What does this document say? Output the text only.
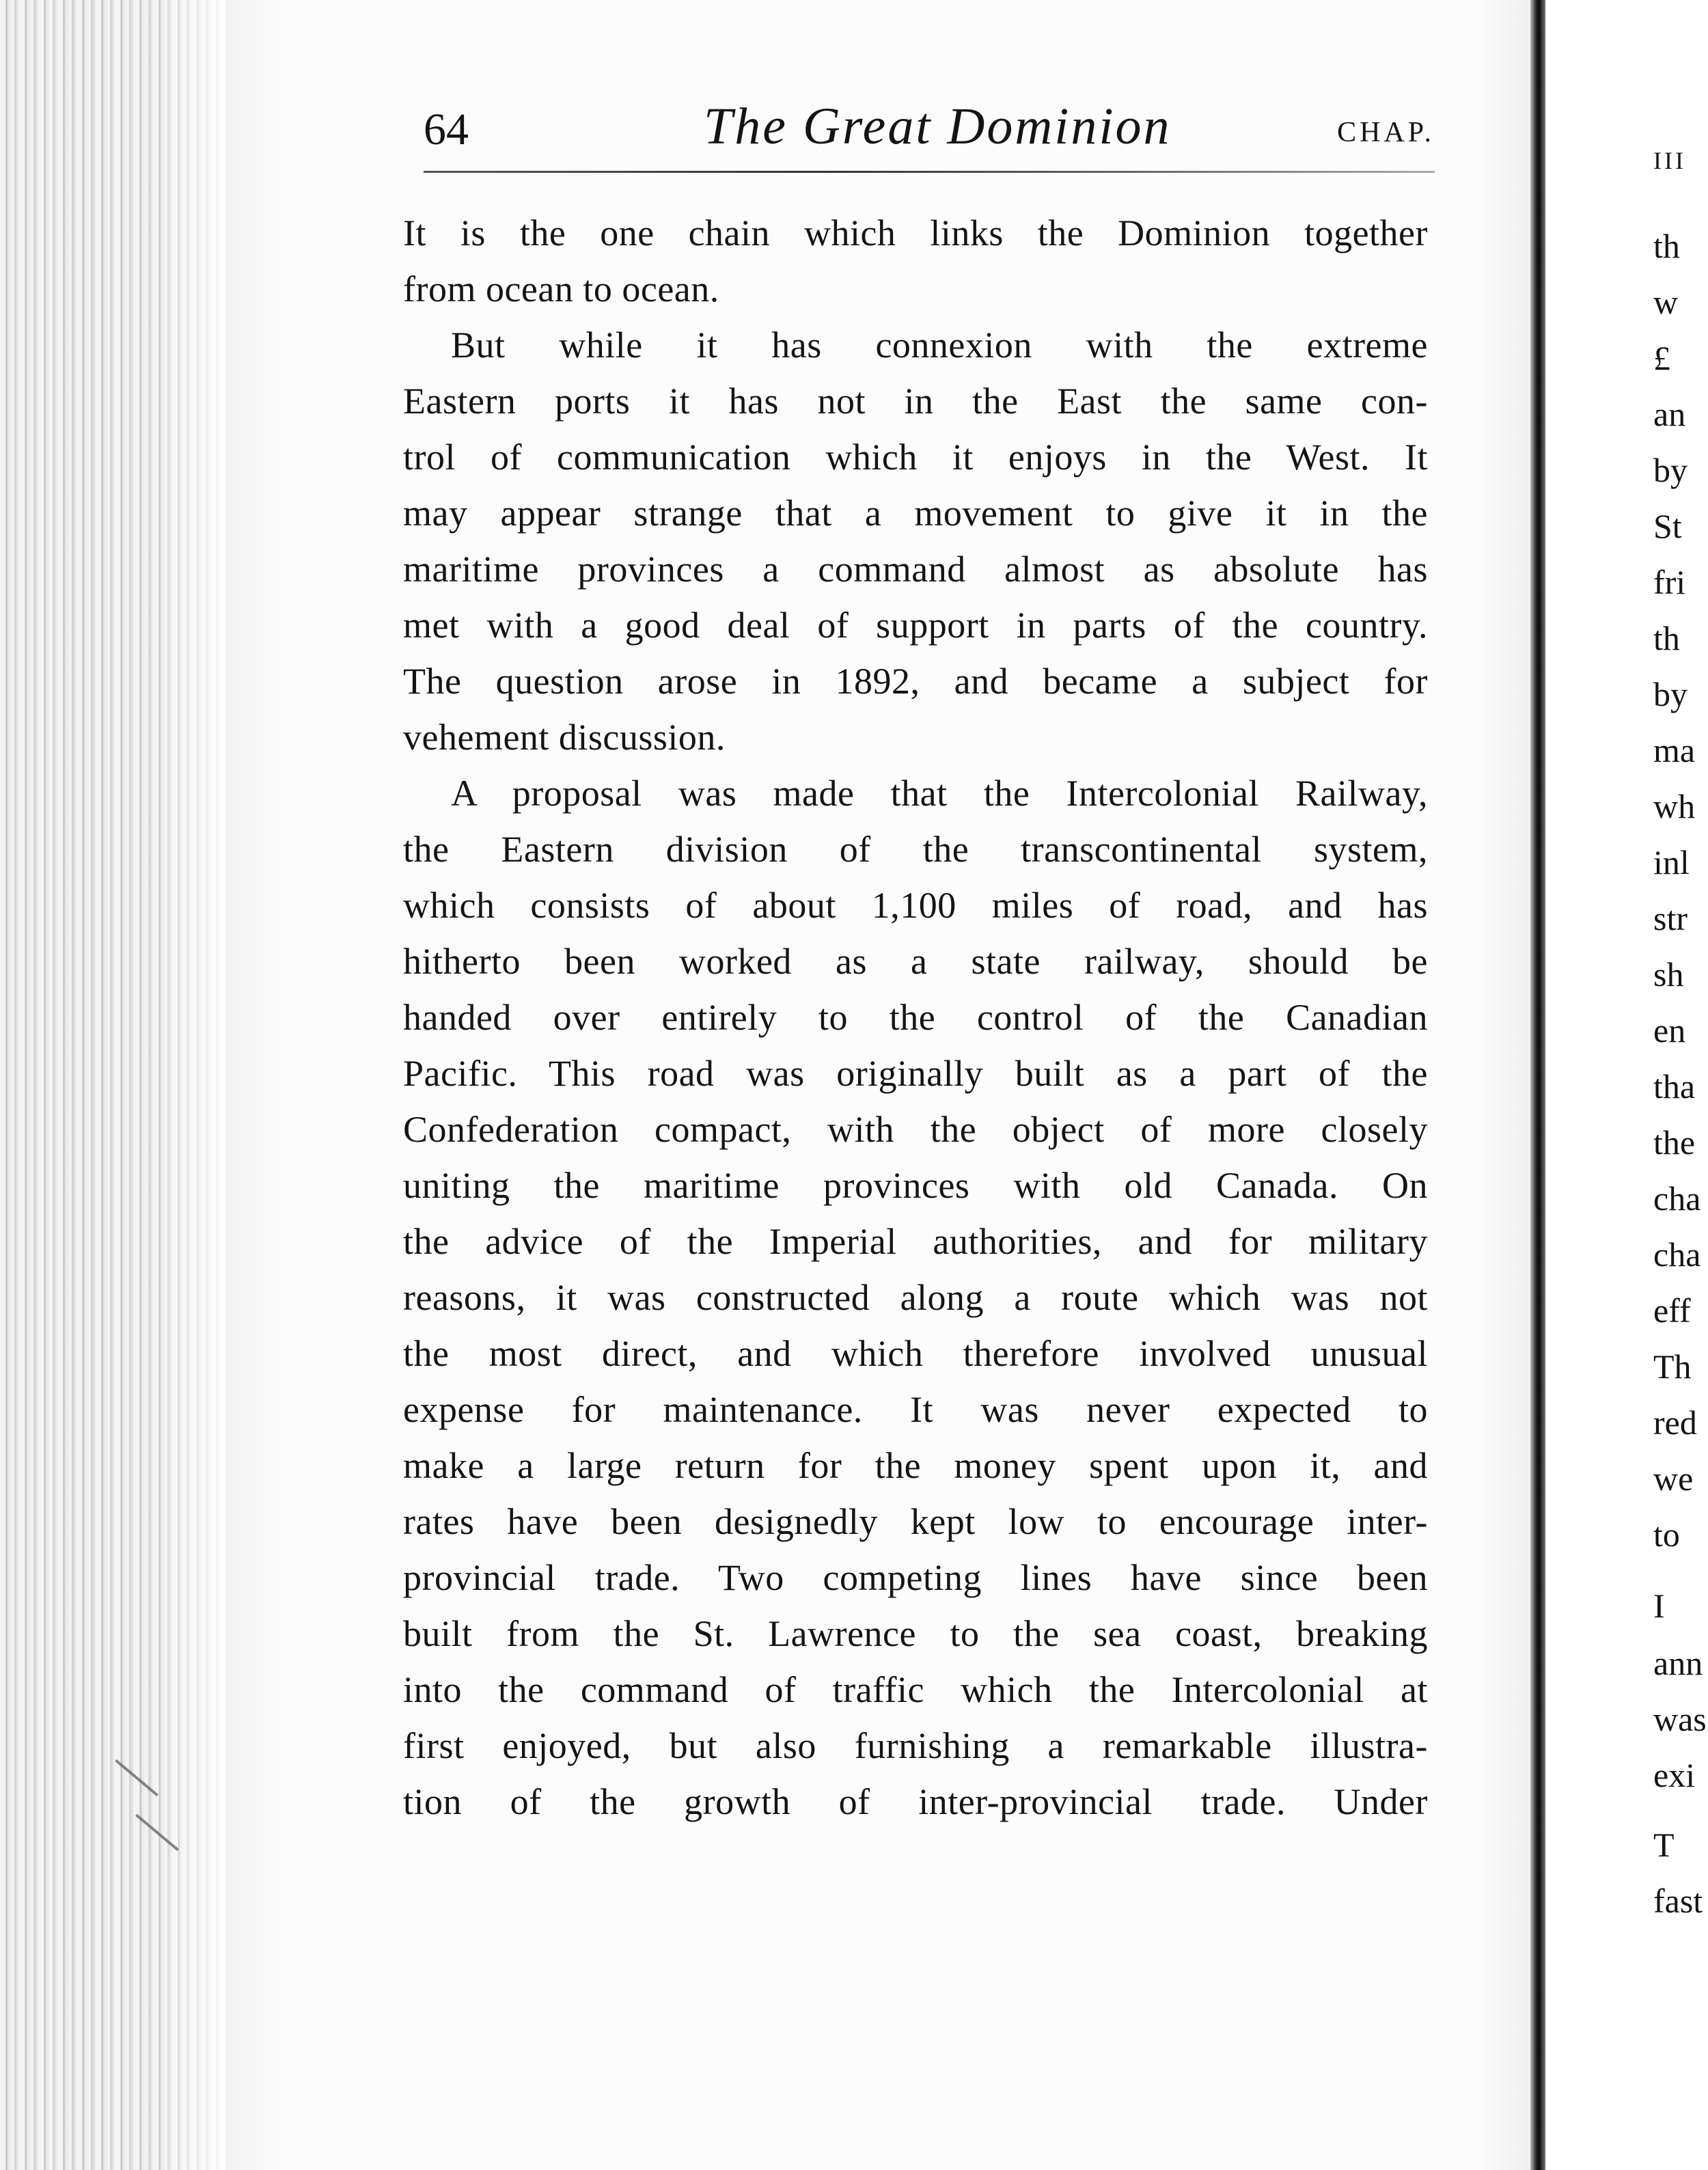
64	The Great Dominion	CHAP.
It is the one chain which links the Dominion together
from ocean to ocean.
But while it has connexion with the extreme
Eastern ports it has not in the East the same con-
trol of communication which it enjoys in the West. It
may appear strange that a movement to give it in the
maritime provinces a command almost as absolute has
met with a good deal of support in parts of the country.
The question arose in 1892, and became a subject for
vehement discussion.
A proposal was made that the Intercolonial Railway,
the Eastern division of the transcontinental system,
which consists of about 1,100 miles of road, and has
hitherto been worked as a state railway, should be
handed over entirely to the control of the Canadian
Pacific. This road was originally built as a part of the
Confederation compact, with the object of more closely
uniting the maritime provinces with old Canada. On
the advice of the Imperial authorities, and for military
reasons, it was constructed along a route which was not
the most direct, and which therefore involved unusual
expense for maintenance. It was never expected to
make a large return for the money spent upon it, and
rates have been designedly kept low to encourage inter-
provincial trade. Two competing lines have since been
built from the St. Lawrence to the sea coast, breaking
into the command of traffic which the Intercolonial at
first enjoyed, but also furnishing a remarkable illustra-
tion of the growth of inter-provincial trade. Under
III
th
w
£
an
by
St
fri
th
by
ma
wh
inl
str
sh
en
tha
the
cha
cha
eff
Th
red
we
to
I
ann
was
exi
T
fast
